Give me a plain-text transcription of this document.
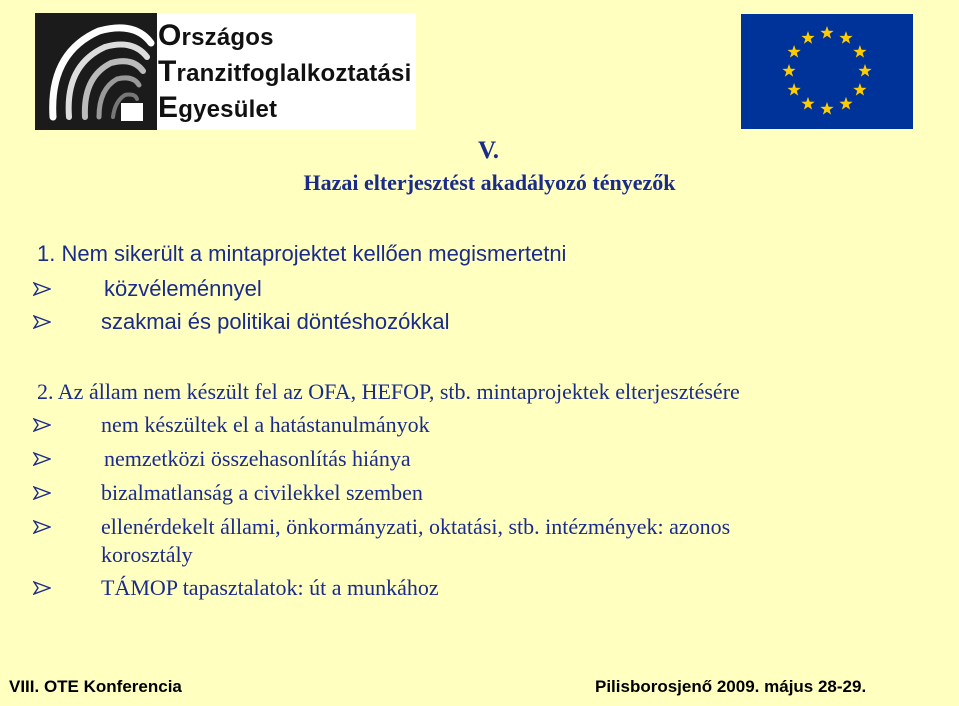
Országos
Tranzitfoglalkoztatási
Egyesület
V.
Hazai elterjesztést akadályozó tényezők
1. Nem sikerült a mintaprojektet kellően megismertetni
közvéleménnyel
szakmai és politikai döntéshozókkal
2. Az állam nem készült fel az OFA, HEFOP, stb. mintaprojektek elterjesztésére
nem készültek el a hatástanulmányok
nemzetközi összehasonlítás hiánya
bizalmatlanság a civilekkel szemben
ellenérdekelt állami, önkormányzati, oktatási, stb. intézmények: azonos
korosztály
TÁMOP tapasztalatok: út a munkához
VIII. OTE Konferencia	Pilisborosjenő 2009. május 28-29.
